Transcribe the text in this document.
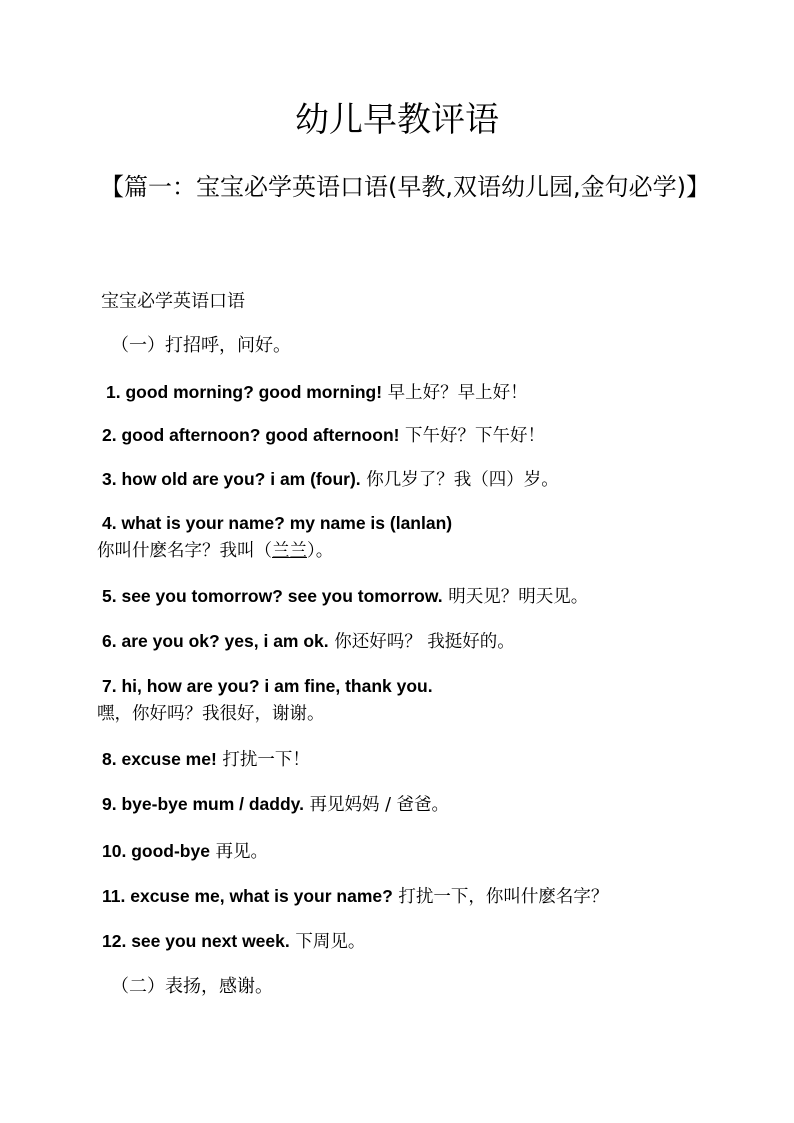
幼儿早教评语
【篇一：宝宝必学英语口语(早教,双语幼儿园,金句必学)】
宝宝必学英语口语
（一）打招呼，问好。
1. good morning? good morning! 早上好？早上好！
2. good afternoon? good afternoon! 下午好？下午好！
3. how old are you? i am (four). 你几岁了？我（四）岁。
4. what is your name? my name is (lanlan)
你叫什麽名字？我叫（兰兰）。
5. see you tomorrow? see you tomorrow. 明天见？明天见。
6. are you ok? yes, i am ok. 你还好吗？ 我挺好的。
7. hi, how are you? i am fine, thank you.
嘿，你好吗？我很好，谢谢。
8. excuse me! 打扰一下！
9. bye-bye mum / daddy. 再见妈妈 / 爸爸。
10. good-bye 再见。
11. excuse me, what is your name? 打扰一下，你叫什麽名字？
12. see you next week. 下周见。
（二）表扬，感谢。
